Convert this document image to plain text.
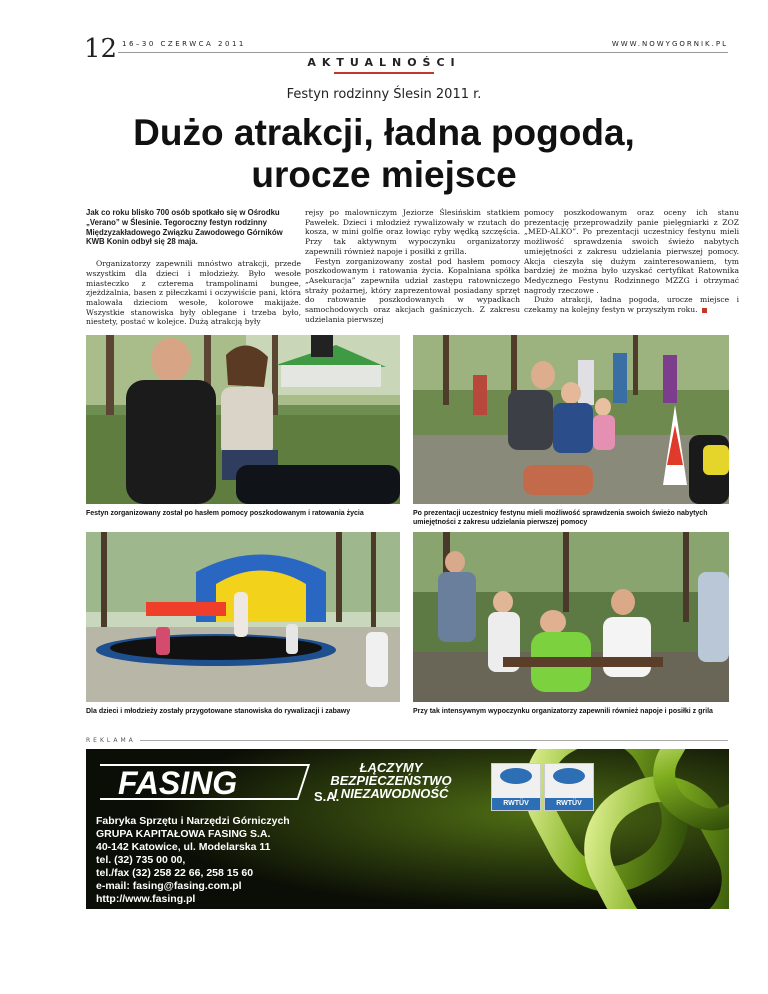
12 16–30 CZERWCA 2011	WWW.NOWYGORNIK.PL
AKTUALNOŚCI
Festyn rodzinny Ślesin 2011 r.
Dużo atrakcji, ładna pogoda,
urocze miejsce

Jak co roku blisko 700 osób spotkało się w Ośrodku „Verano” w Ślesinie. Tegoroczny festyn rodzinny Międzyzakładowego Związku Zawodowego Górników KWB Konin odbył się 28 maja.

Organizatorzy zapewnili mnóstwo atrakcji, przede wszystkim dla dzieci i młodzieży. Było wesołe miasteczko z czterema trampolinami bungee, zjeżdżalnia, basen z piłeczkami i oczywiście pani, która malowała dzieciom wesołe, kolorowe makijaże. Wszystkie stanowiska były oblegane i trzeba było, niestety, postać w kolejce. Dużą atrakcją były

rejsy po malowniczym Jeziorze Ślesińskim statkiem Pawełek. Dzieci i młodzież rywalizowały w rzutach do kosza, w mini golfie oraz łowiąc ryby wędką szczęścia. Przy tak aktywnym wypoczynku organizatorzy zapewnili również napoje i posiłki z grilla.

Festyn zorganizowany został pod hasłem pomocy poszkodowanym i ratowania życia. Kopalniana spółka „Asekuracja” zapewniła udział zastępu ratowniczego straży pożarnej, który zaprezentował posiadany sprzęt do ratowanie poszkodowanych w wypadkach samochodowych oraz akcjach gaśniczych. Z zakresu udzielania pierwszej

pomocy poszkodowanym oraz oceny ich stanu prezentację przeprowadziły panie pielęgniarki z ZOZ „MED-ALKO”. Po prezentacji uczestnicy festynu mieli możliwość sprawdzenia swoich świeżo nabytych umiejętności z zakresu udzielania pierwszej pomocy. Akcja cieszyła się dużym zainteresowaniem, tym bardziej że można było uzyskać certyfikat Ratownika Medycznego Festynu Rodzinnego MZZG i otrzymać nagrody rzeczowe .

Dużo atrakcji, ładna pogoda, urocze miejsce i czekamy na kolejny festyn w przyszłym roku.

Festyn zorganizowany został po hasłem pomocy poszkodowanym i ratowania życia	Po prezentacji uczestnicy festynu mieli możliwość sprawdzenia swoich świeżo nabytych umiejętności z zakresu udzielania pierwszej pomocy
Dla dzieci i młodzieży zostały przygotowane stanowiska do rywalizacji i zabawy	Przy tak intensywnym wypoczynku organizatorzy zapewnili również napoje i posiłki z grila
REKLAMA
FASING	S.A.
ŁĄCZYMY
BEZPIECZEŃSTWO
I NIEZAWODNOŚĆ
RWTÜV	RWTÜV
Fabryka Sprzętu i Narzędzi Górniczych
GRUPA KAPITAŁOWA FASING S.A.
40-142 Katowice, ul. Modelarska 11
tel. (32) 735 00 00,
tel./fax (32) 258 22 66, 258 15 60
e-mail: fasing@fasing.com.pl
http://www.fasing.pl
